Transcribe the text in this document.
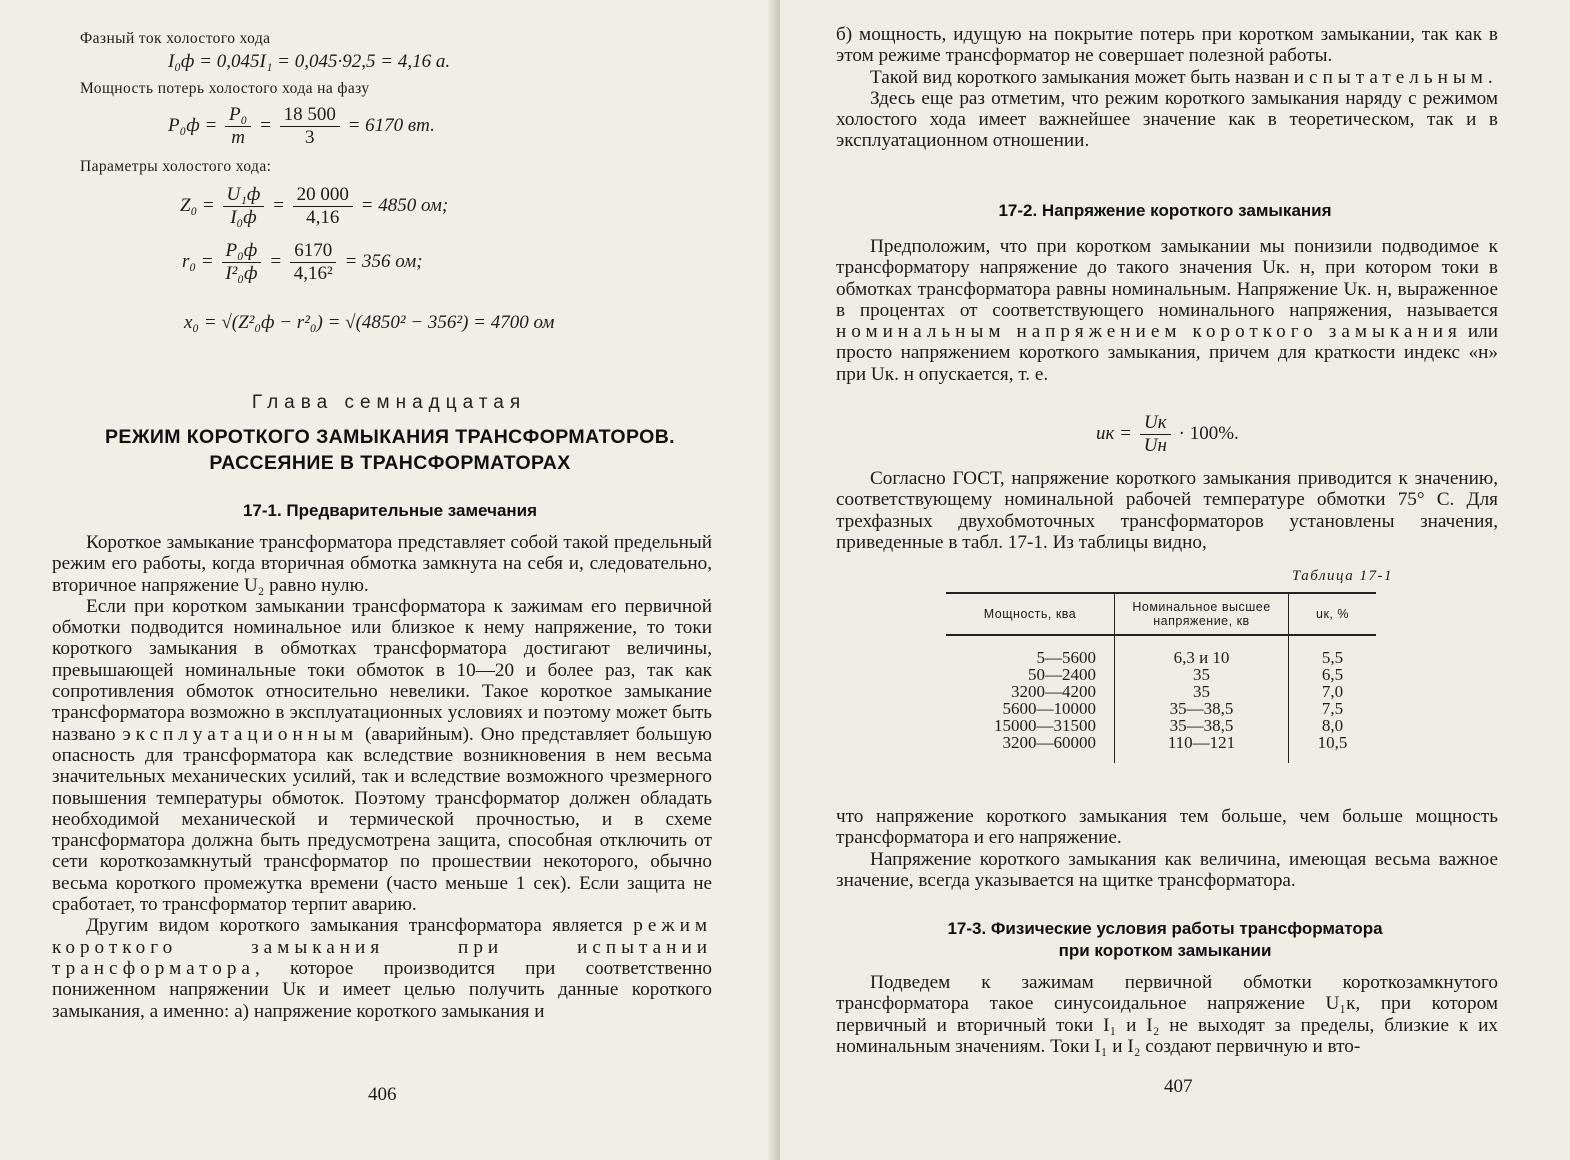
Фазный ток холостого хода
I₀ф = 0,045I₁ = 0,045·92,5 = 4,16 а.
Мощность потерь холостого хода на фазу
$P_0ф = \frac{\text{P₀}}{m} = \frac{18 500}{3} = 6170$ вт.
Параметры холостого хода:
$Z_0 = \frac{\text{U₁ф}}{\text{I₀ф}} = \frac{20 000}{4,16} = 4850$ ом;
$r_0 = \frac{\text{P₀ф}}{\text{I²₀ф}} = \frac{6170}{\text{4,16²}} = 356$ ом;
x₀ = √(Z²₀ф − r²₀) = √(4850² − 356²) = 4700 ом
Глава семнадцатая
РЕЖИМ КОРОТКОГО ЗАМЫКАНИЯ ТРАНСФОРМАТОРОВ.
РАССЕЯНИЕ В ТРАНСФОРМАТОРАХ
17-1. Предварительные замечания

Короткое замыкание трансформатора представляет собой такой предельный режим его работы, когда вторичная обмотка замкнута на себя и, следовательно, вторичное напряжение U₂ равно нулю.

Если при коротком замыкании трансформатора к зажимам его первичной обмотки подводится номинальное или близкое к нему напряжение, то токи короткого замыкания в обмотках трансформатора достигают величины, превышающей номинальные токи обмоток в 10—20 и более раз, так как сопротивления обмоток относительно невелики. Такое короткое замыкание трансформатора возможно в эксплуатационных условиях и поэтому может быть названо эксплуатационным (аварийным). Оно представляет большую опасность для трансформатора как вследствие возникновения в нем весьма значительных механических усилий, так и вследствие возможного чрезмерного повышения температуры обмоток. Поэтому трансформатор должен обладать необходимой механической и термической прочностью, и в схеме трансформатора должна быть предусмотрена защита, способная отключить от сети короткозамкнутый трансформатор по прошествии некоторого, обычно весьма короткого промежутка времени (часто меньше 1 сек). Если защита не сработает, то трансформатор терпит аварию.

Другим видом короткого замыкания трансформатора является режим короткого замыкания при испытании трансформатора, которое производится при соответственно пониженном напряжении Uк и имеет целью получить данные короткого замыкания, а именно: а) напряжение короткого замыкания и

406

б) мощность, идущую на покрытие потерь при коротком замыкании, так как в этом режиме трансформатор не совершает полезной работы.

Такой вид короткого замыкания может быть назван испытательным.

Здесь еще раз отметим, что режим короткого замыкания наряду с режимом холостого хода имеет важнейшее значение как в теоретическом, так и в эксплуатационном отношении.

17-2. Напряжение короткого замыкания

Предположим, что при коротком замыкании мы понизили подводимое к трансформатору напряжение до такого значения Uк. н, при котором токи в обмотках трансформатора равны номинальным. Напряжение Uк. н, выраженное в процентах от соответствующего номинального напряжения, называется номинальным напряжением короткого замыкания или просто напряжением короткого замыкания, причем для краткости индекс «н» при Uк. н опускается, т. е.

uк = $\frac{Uк}{Uн} \cdot 100\%$.

Согласно ГОСТ, напряжение короткого замыкания приводится к значению, соответствующему номинальной рабочей температуре обмотки 75° С. Для трехфазных двухобмоточных трансформаторов установлены значения, приведенные в табл. 17-1. Из таблицы видно,

Таблица 17-1
Мощность, ква	Номинальное высшее напряжение, кв	uк, %

5—5600	6,3 и 10	5,5
50—2400	35	6,5
3200—4200	35	7,0
5600—10000	35—38,5	7,5
15000—31500	35—38,5	8,0
3200—60000	110—121	10,5

что напряжение короткого замыкания тем больше, чем больше мощность трансформатора и его напряжение.

Напряжение короткого замыкания как величина, имеющая весьма важное значение, всегда указывается на щитке трансформатора.

17-3. Физические условия работы трансформатора
при коротком замыкании

Подведем к зажимам первичной обмотки короткозамкнутого трансформатора такое синусоидальное напряжение U₁к, при котором первичный и вторичный токи I₁ и I₂ не выходят за пределы, близкие к их номинальным значениям. Токи I₁ и I₂ создают первичную и вто-

407
